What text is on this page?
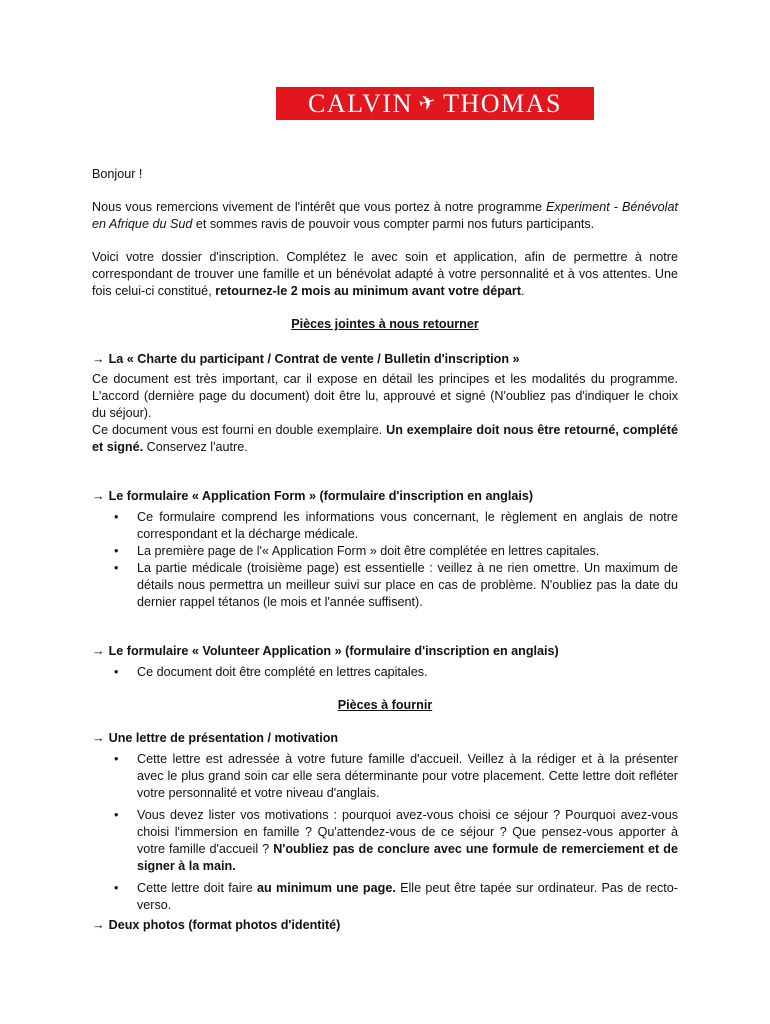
CALVIN ✈ THOMAS

Bonjour !

Nous vous remercions vivement de l'intérêt que vous portez à notre programme Experiment - Bénévolat en Afrique du Sud et sommes ravis de pouvoir vous compter parmi nos futurs participants.

Voici votre dossier d'inscription. Complétez le avec soin et application, afin de permettre à notre correspondant de trouver une famille et un bénévolat adapté à votre personnalité et à vos attentes. Une fois celui-ci constitué, retournez-le 2 mois au minimum avant votre départ.

Pièces jointes à nous retourner

→ La « Charte du participant / Contrat de vente / Bulletin d'inscription »

Ce document est très important, car il expose en détail les principes et les modalités du programme. L'accord (dernière page du document) doit être lu, approuvé et signé (N'oubliez pas d'indiquer le choix du séjour).

Ce document vous est fourni en double exemplaire. Un exemplaire doit nous être retourné, complété et signé. Conservez l'autre.

→ Le formulaire « Application Form » (formulaire d'inscription en anglais)

• Ce formulaire comprend les informations vous concernant, le règlement en anglais de notre correspondant et la décharge médicale.
• La première page de l'« Application Form » doit être complétée en lettres capitales.
• La partie médicale (troisième page) est essentielle : veillez à ne rien omettre. Un maximum de détails nous permettra un meilleur suivi sur place en cas de problème. N'oubliez pas la date du dernier rappel tétanos (le mois et l'année suffisent).

→ Le formulaire « Volunteer Application » (formulaire d'inscription en anglais)

• Ce document doit être complété en lettres capitales.

Pièces à fournir

→ Une lettre de présentation / motivation

• Cette lettre est adressée à votre future famille d'accueil. Veillez à la rédiger et à la présenter avec le plus grand soin car elle sera déterminante pour votre placement. Cette lettre doit refléter votre personnalité et votre niveau d'anglais.
• Vous devez lister vos motivations : pourquoi avez-vous choisi ce séjour ? Pourquoi avez-vous choisi l'immersion en famille ? Qu'attendez-vous de ce séjour ? Que pensez-vous apporter à votre famille d'accueil ? N'oubliez pas de conclure avec une formule de remerciement et de signer à la main.
• Cette lettre doit faire au minimum une page. Elle peut être tapée sur ordinateur. Pas de recto-verso.

→ Deux photos (format photos d'identité)
